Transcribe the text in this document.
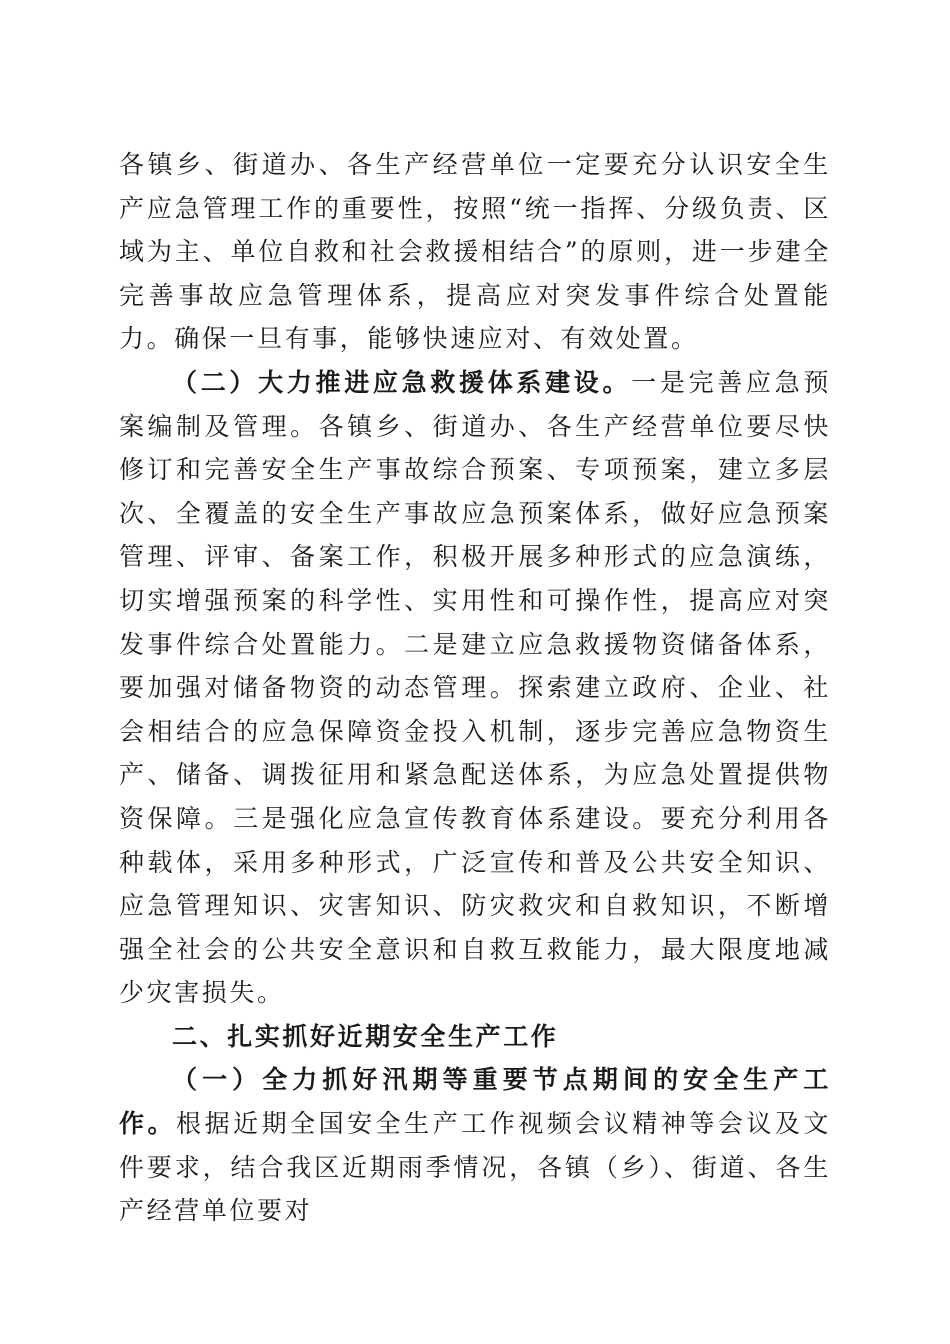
各镇乡、街道办、各生产经营单位一定要充分认识安全生产应急管理工作的重要性，按照“统一指挥、分级负责、区域为主、单位自救和社会救援相结合”的原则，进一步建全完善事故应急管理体系，提高应对突发事件综合处置能力。确保一旦有事，能够快速应对、有效处置。

（二）大力推进应急救援体系建设。一是完善应急预案编制及管理。各镇乡、街道办、各生产经营单位要尽快修订和完善安全生产事故综合预案、专项预案，建立多层次、全覆盖的安全生产事故应急预案体系，做好应急预案管理、评审、备案工作，积极开展多种形式的应急演练，切实增强预案的科学性、实用性和可操作性，提高应对突发事件综合处置能力。二是建立应急救援物资储备体系，要加强对储备物资的动态管理。探索建立政府、企业、社会相结合的应急保障资金投入机制，逐步完善应急物资生产、储备、调拨征用和紧急配送体系，为应急处置提供物资保障。三是强化应急宣传教育体系建设。要充分利用各种载体，采用多种形式，广泛宣传和普及公共安全知识、应急管理知识、灾害知识、防灾救灾和自救知识，不断增强全社会的公共安全意识和自救互救能力，最大限度地减少灾害损失。

二、扎实抓好近期安全生产工作

（一）全力抓好汛期等重要节点期间的安全生产工作。根据近期全国安全生产工作视频会议精神等会议及文件要求，结合我区近期雨季情况，各镇（乡）、街道、各生产经营单位要对
